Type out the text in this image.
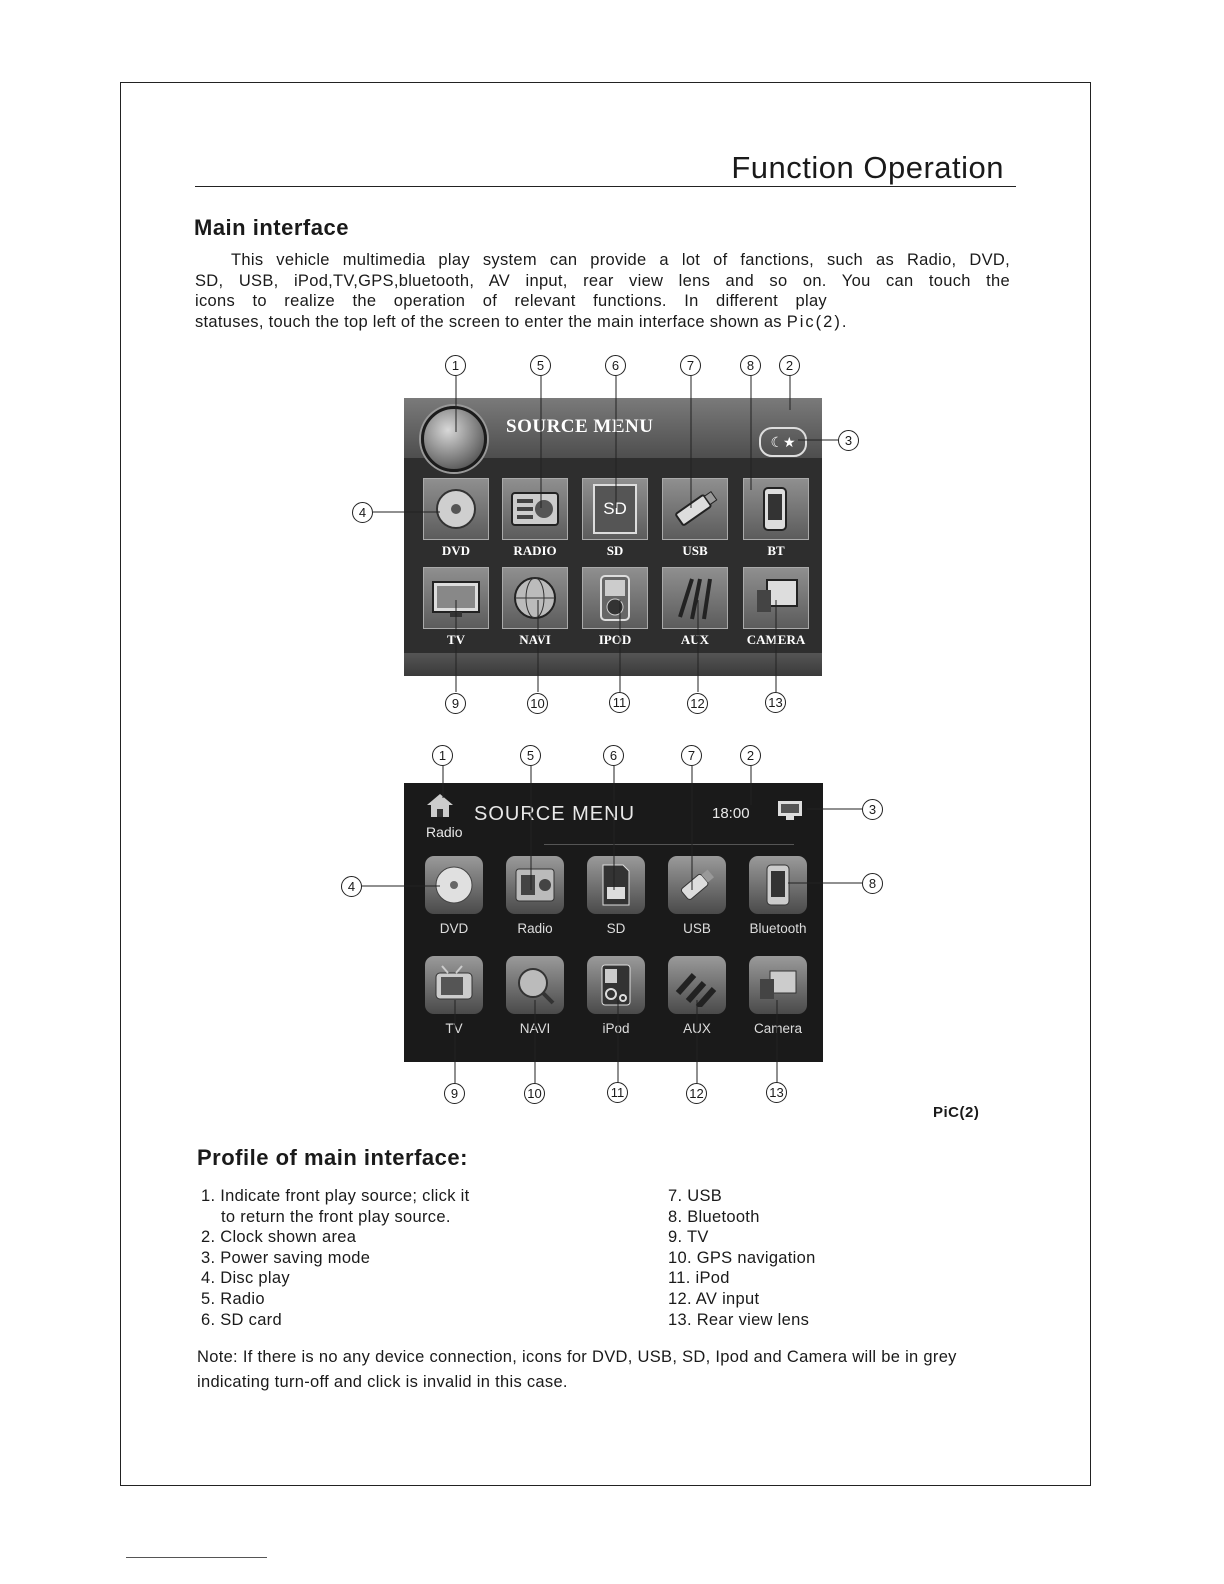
Function Operation
Main interface

This vehicle multimedia play system can provide a lot of fanctions, such as Radio, DVD,

SD, USB, iPod,TV,GPS,bluetooth, AV input, rear view lens and so on. You can touch the

icons to realize the operation of relevant functions. In different play

statuses, touch the top left of the screen to enter the main interface shown as Pic(2).

SOURCE MENU
☾★
SD
DVD	RADIO	SD	USB	BT
TV	NAVI	IPOD	AUX	CAMERA
Radio
SOURCE MENU	18:00
DVD	Radio	SD	USB	Bluetooth
TV	NAVI	iPod	AUX	Camera
1	5	6	7	8	2
3
4
9	10	11	12	13
1	5	6	7	2
3
4	8
9	10	11	12	13
PiC(2)
Profile of main interface:
1. Indicate front play source; click it
to return the front play source.
2. Clock shown area
3. Power saving mode
4. Disc play
5. Radio
6. SD card
7. USB
8. Bluetooth
9. TV
10. GPS navigation
11. iPod
12. AV input
13. Rear view lens
Note: If there is no any device connection, icons for DVD, USB, SD, Ipod and Camera will be in grey indicating turn-off and click is invalid in this case.
